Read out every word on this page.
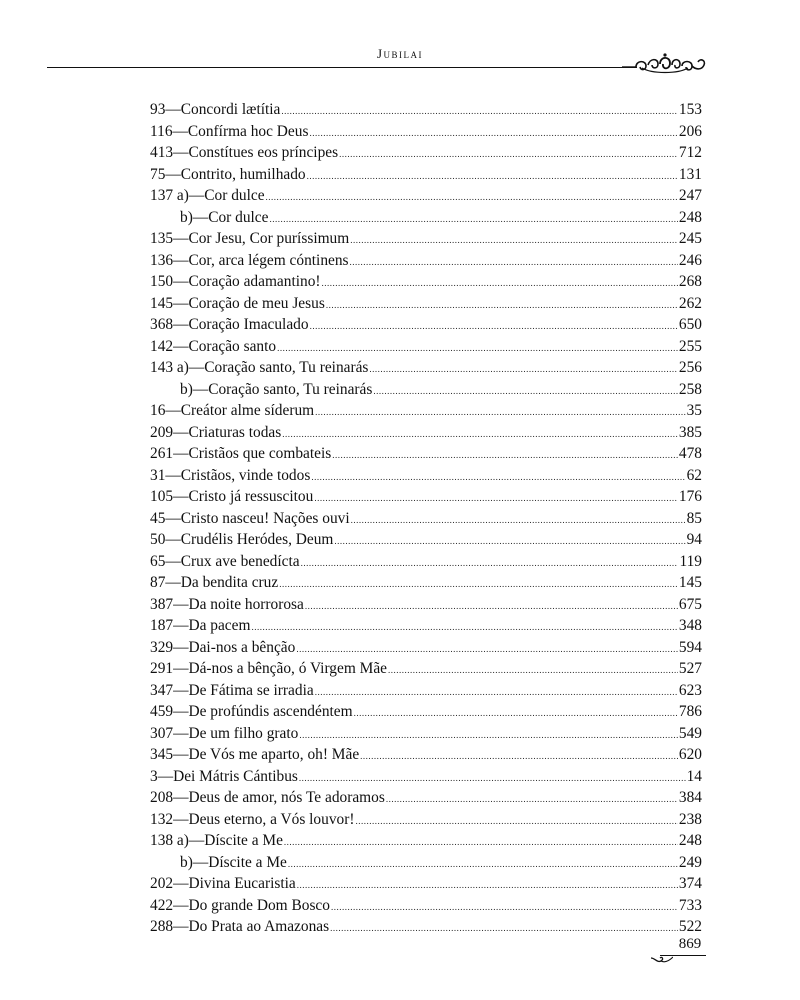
Jubilai
93—Concordi lætítia .....	153
116—Confírma hoc Deus .....	206
413—Constítues eos príncipes .....	712
75—Contrito, humilhado .....	131
137 a)—Cor dulce .....	247
b)—Cor dulce .....	248
135—Cor Jesu, Cor puríssimum .....	245
136—Cor, arca légem cóntinens .....	246
150—Coração adamantino! .....	268
145—Coração de meu Jesus .....	262
368—Coração Imaculado .....	650
142—Coração santo .....	255
143 a)—Coração santo, Tu reinarás .....	256
b)—Coração santo, Tu reinarás .....	258
16—Creátor alme síderum .....	35
209—Criaturas todas .....	385
261—Cristãos que combateis .....	478
31—Cristãos, vinde todos .....	62
105—Cristo já ressuscitou .....	176
45—Cristo nasceu! Nações ouvi .....	85
50—Crudélis Heródes, Deum .....	94
65—Crux ave benedícta .....	119
87—Da bendita cruz .....	145
387—Da noite horrorosa .....	675
187—Da pacem .....	348
329—Dai-nos a bênção .....	594
291—Dá-nos a bênção, ó Virgem Mãe .....	527
347—De Fátima se irradia .....	623
459—De profúndis ascendéntem .....	786
307—De um filho grato .....	549
345—De Vós me aparto, oh! Mãe .....	620
3—Dei Mátris Cántibus .....	14
208—Deus de amor, nós Te adoramos .....	384
132—Deus eterno, a Vós louvor! .....	238
138 a)—Díscite a Me .....	248
b)—Díscite a Me .....	249
202—Divina Eucaristia .....	374
422—Do grande Dom Bosco .....	733
288—Do Prata ao Amazonas .....	522
869
